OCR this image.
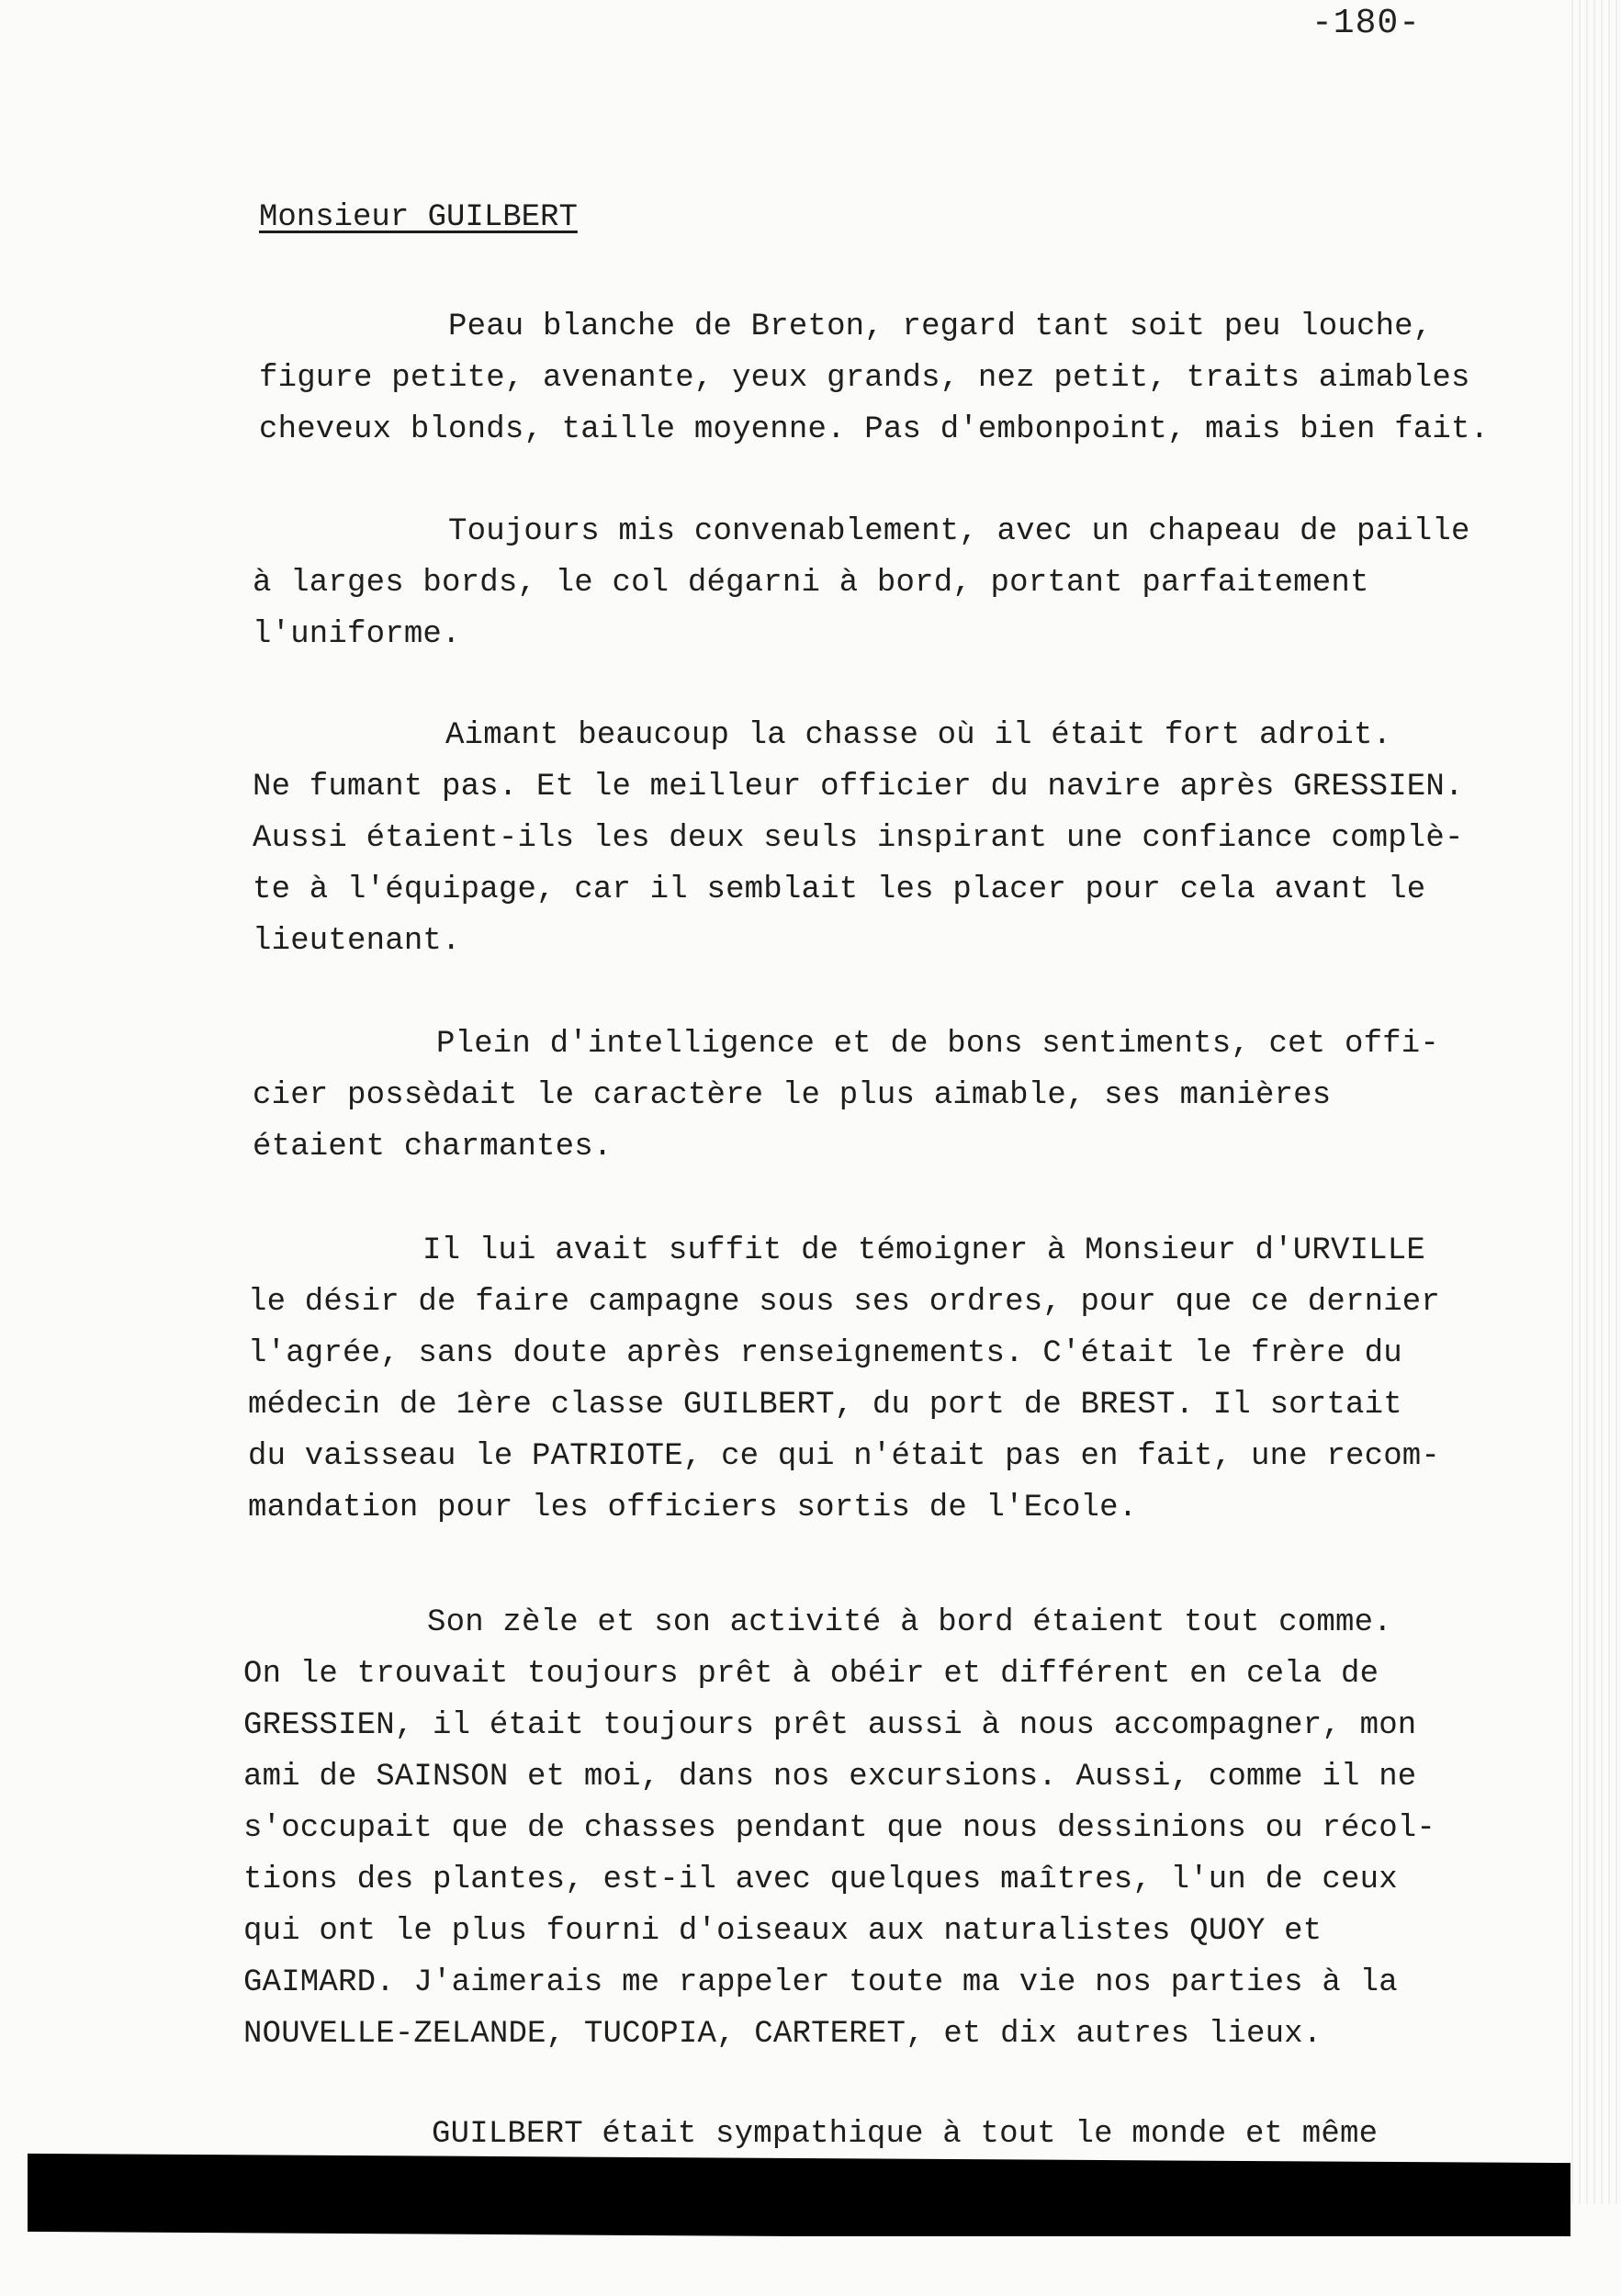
-180-
Monsieur GUILBERT
Peau blanche de Breton, regard tant soit peu louche,
figure petite, avenante, yeux grands, nez petit, traits aimables
cheveux blonds, taille moyenne. Pas d'embonpoint, mais bien fait.
Toujours mis convenablement, avec un chapeau de paille
à larges bords, le col dégarni à bord, portant parfaitement
l'uniforme.
Aimant beaucoup la chasse où il était fort adroit.
Ne fumant pas. Et le meilleur officier du navire après GRESSIEN.
Aussi étaient-ils les deux seuls inspirant une confiance complè-
te à l'équipage, car il semblait les placer pour cela avant le
lieutenant.
Plein d'intelligence et de bons sentiments, cet offi-
cier possèdait le caractère le plus aimable, ses manières
étaient charmantes.
Il lui avait suffit de témoigner à Monsieur d'URVILLE
le désir de faire campagne sous ses ordres, pour que ce dernier
l'agrée, sans doute après renseignements. C'était le frère du
médecin de 1ère classe GUILBERT, du port de BREST. Il sortait
du vaisseau le PATRIOTE, ce qui n'était pas en fait, une recom-
mandation pour les officiers sortis de l'Ecole.
Son zèle et son activité à bord étaient tout comme.
On le trouvait toujours prêt à obéir et différent en cela de
GRESSIEN, il était toujours prêt aussi à nous accompagner, mon
ami de SAINSON et moi, dans nos excursions. Aussi, comme il ne
s'occupait que de chasses pendant que nous dessinions ou récol-
tions des plantes, est-il avec quelques maîtres, l'un de ceux
qui ont le plus fourni d'oiseaux aux naturalistes QUOY et
GAIMARD. J'aimerais me rappeler toute ma vie nos parties à la
NOUVELLE-ZELANDE, TUCOPIA, CARTERET, et dix autres lieux.
GUILBERT était sympathique à tout le monde et même
